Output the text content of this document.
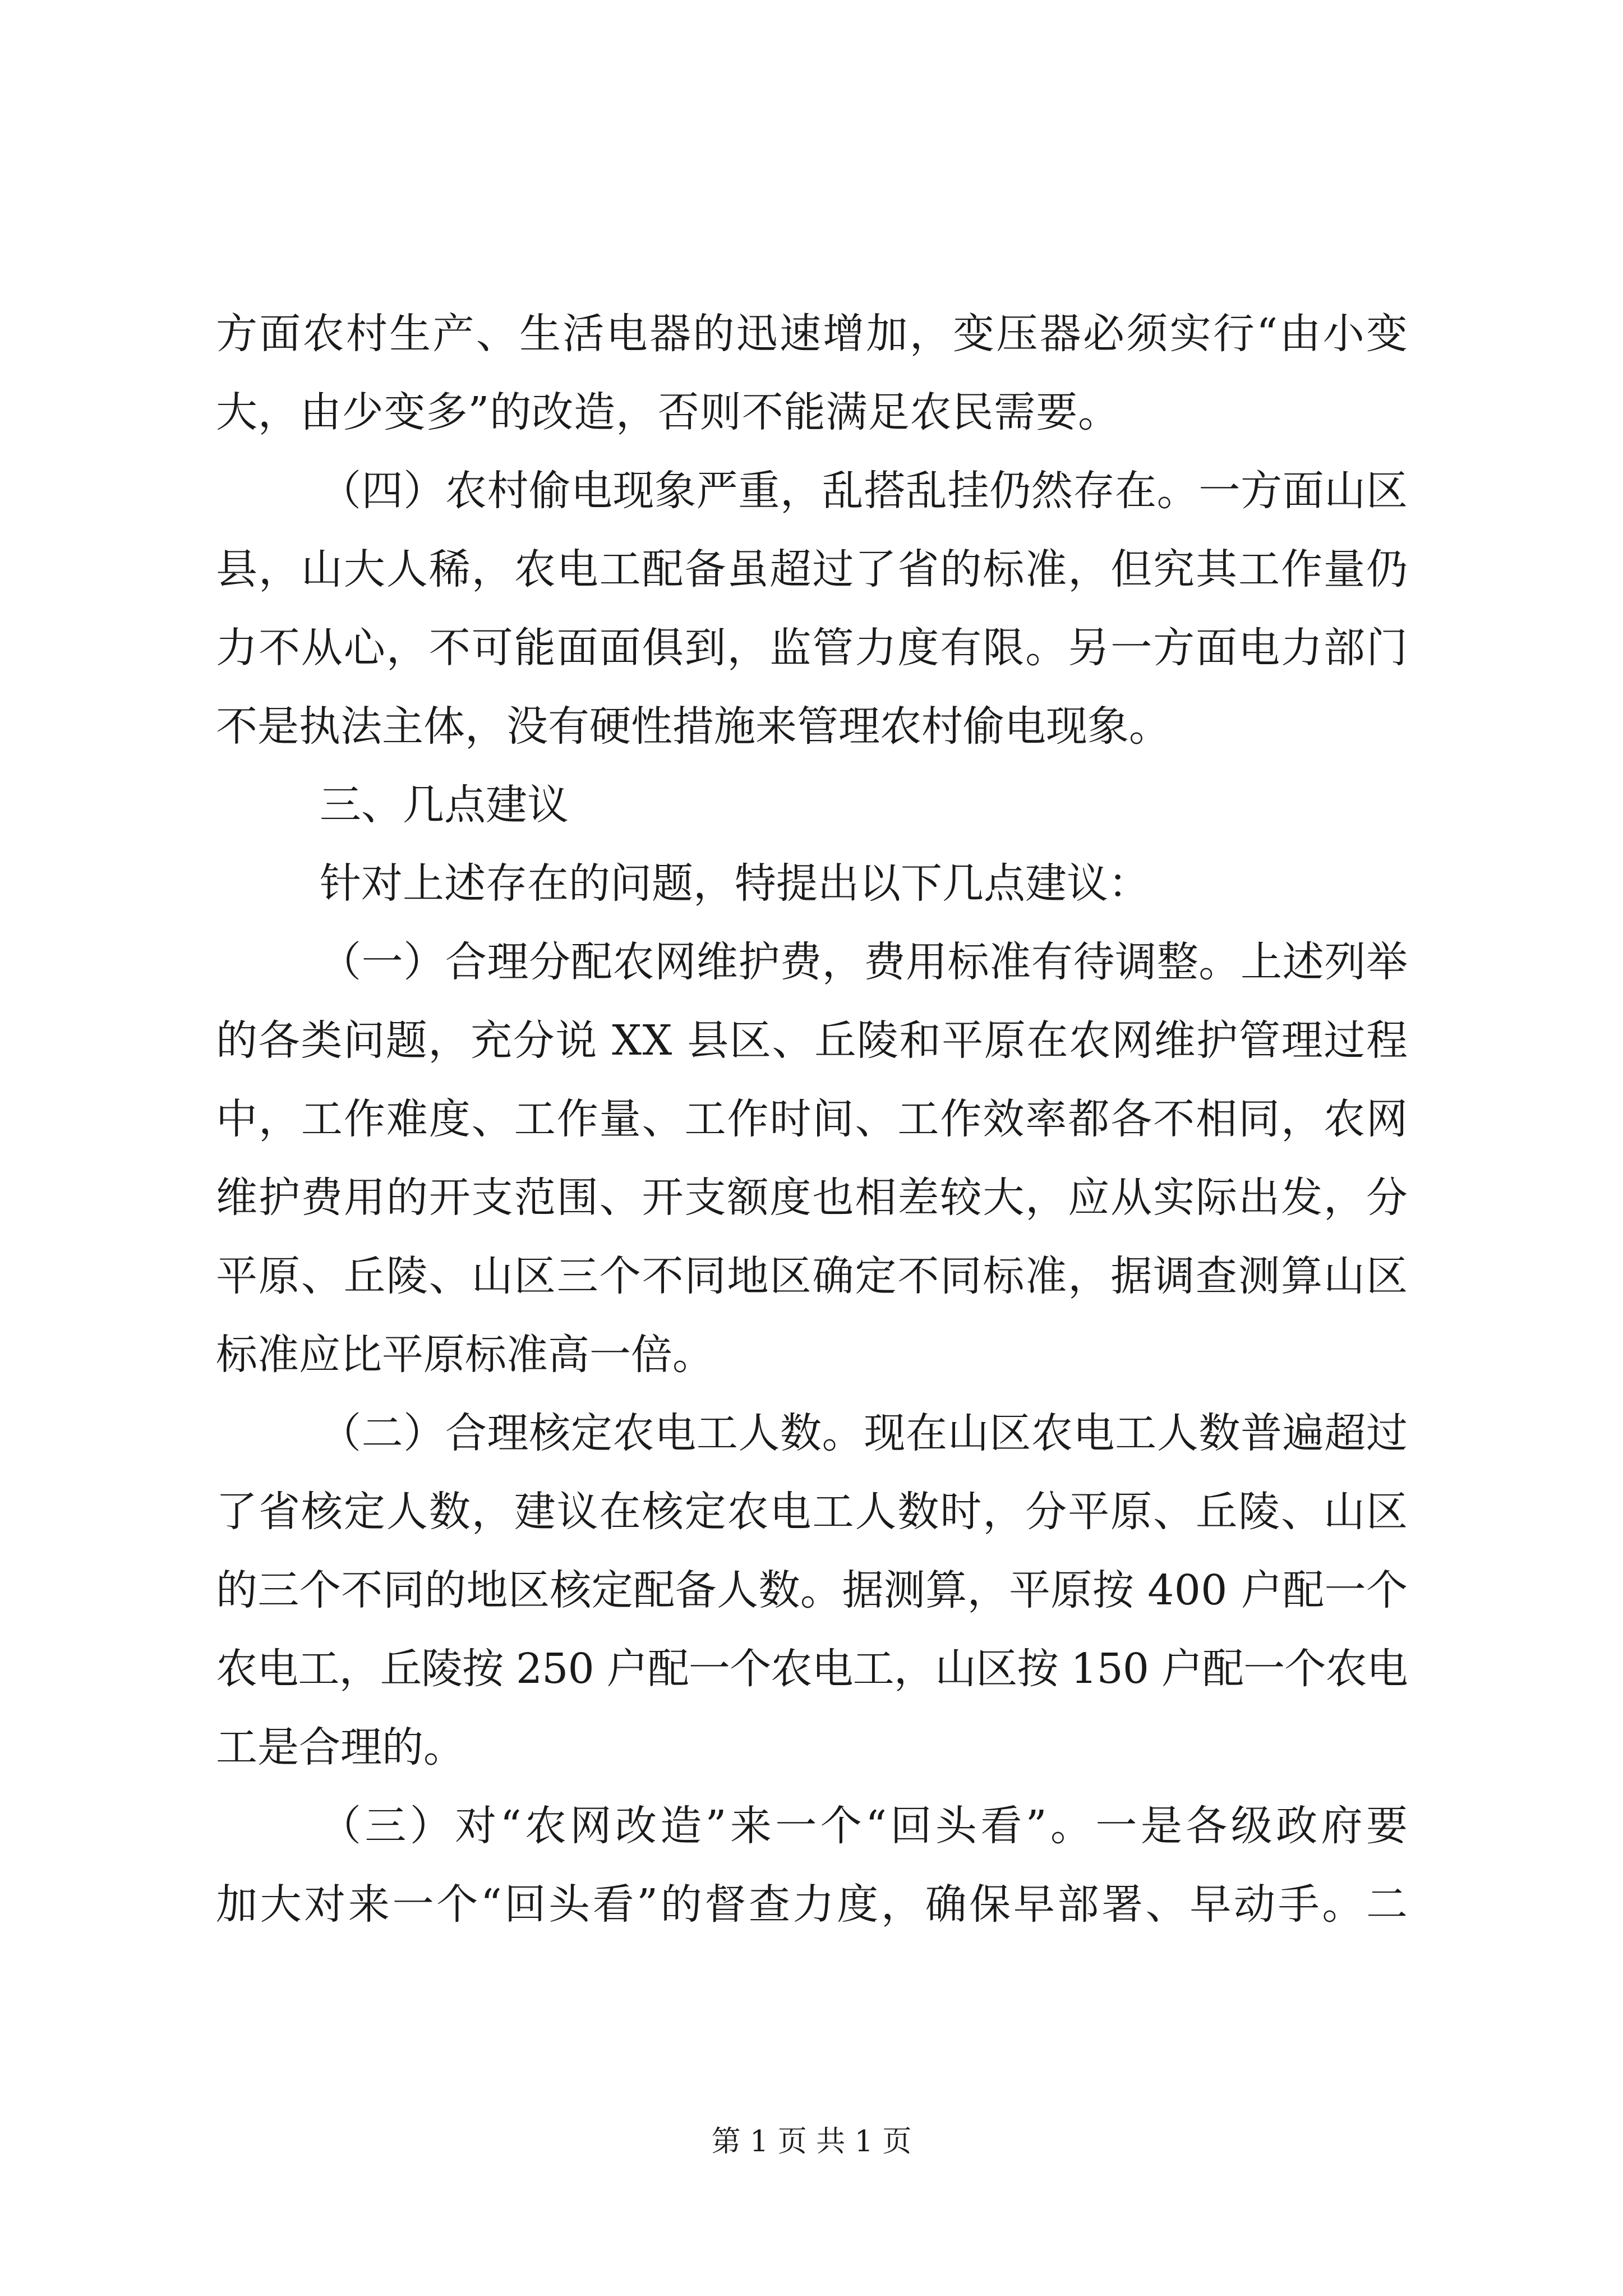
方面农村生产、生活电器的迅速增加，变压器必须实行“由小变
大，由少变多”的改造，否则不能满足农民需要。
（四）农村偷电现象严重，乱搭乱挂仍然存在。一方面山区
县，山大人稀，农电工配备虽超过了省的标准，但究其工作量仍
力不从心，不可能面面俱到，监管力度有限。另一方面电力部门
不是执法主体，没有硬性措施来管理农村偷电现象。
三、几点建议
针对上述存在的问题，特提出以下几点建议：
（一）合理分配农网维护费，费用标准有待调整。上述列举
的各类问题，充分说 XX 县区、丘陵和平原在农网维护管理过程
中，工作难度、工作量、工作时间、工作效率都各不相同，农网
维护费用的开支范围、开支额度也相差较大，应从实际出发，分
平原、丘陵、山区三个不同地区确定不同标准，据调查测算山区
标准应比平原标准高一倍。
（二）合理核定农电工人数。现在山区农电工人数普遍超过
了省核定人数，建议在核定农电工人数时，分平原、丘陵、山区
的三个不同的地区核定配备人数。据测算，平原按 400 户配一个
农电工，丘陵按 250 户配一个农电工，山区按 150 户配一个农电
工是合理的。
（三）对“农网改造”来一个“回头看”。一是各级政府要
加大对来一个“回头看”的督查力度，确保早部署、早动手。二
第 1 页 共 1 页
